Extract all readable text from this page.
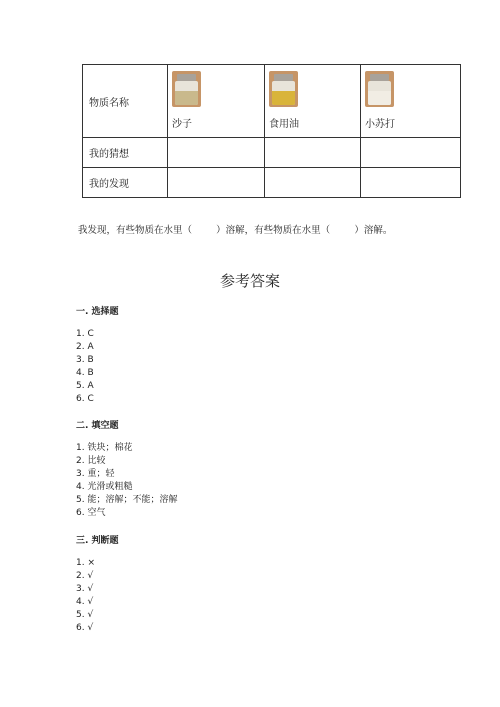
物质名称	沙子	食用油	小苏打

我的猜想			
我的发现			
我发现，有些物质在水里（        ）溶解，有些物质在水里（        ）溶解。
参考答案
一. 选择题
1. C
2. A
3. B
4. B
5. A
6. C
二. 填空题
1. 铁块；棉花
2. 比较
3. 重；轻
4. 光滑或粗糙
5. 能；溶解；不能；溶解
6. 空气
三. 判断题
1. ×
2. √
3. √
4. √
5. √
6. √
